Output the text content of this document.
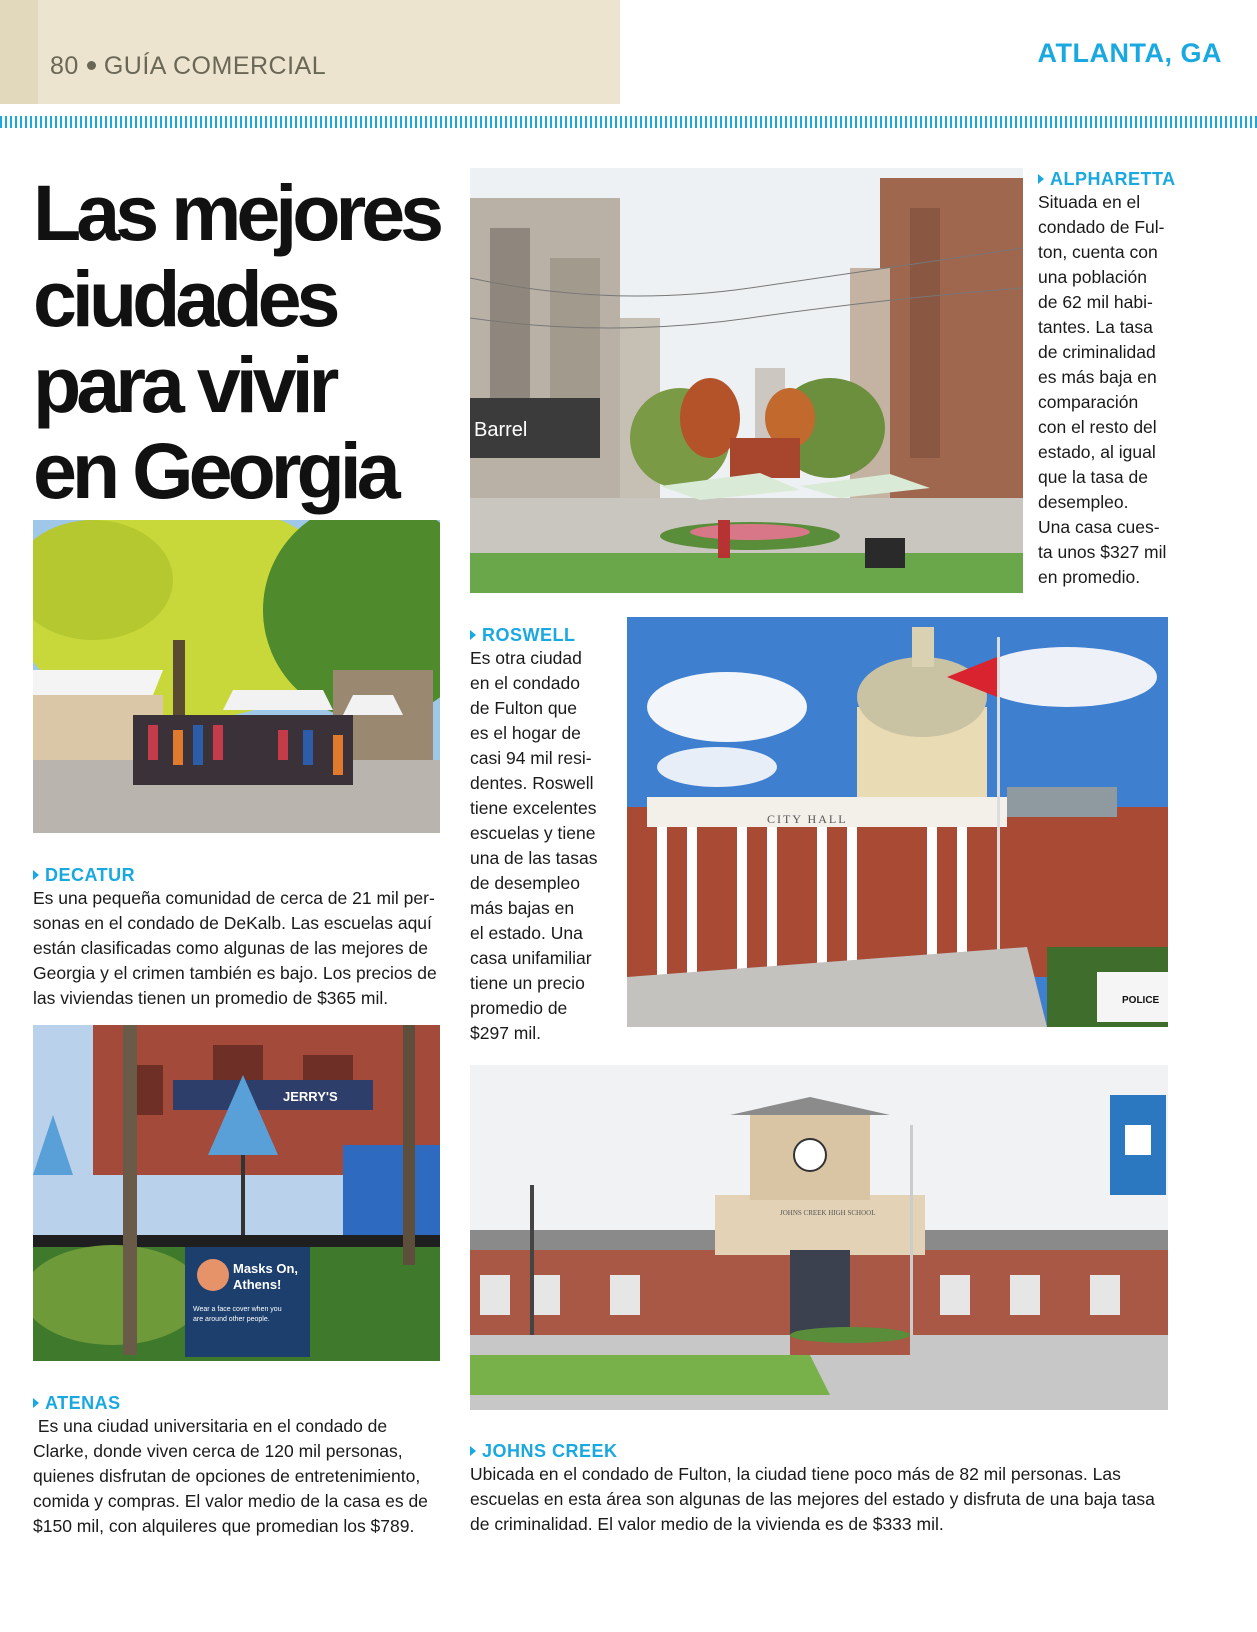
80 GUÍA COMERCIAL	ATLANTA, GA
Las mejores
ciudades
para vivir
en Georgia	Barrel
ALPHARETTA

Situada en el
condado de Ful-
ton, cuenta con
una población
de 62 mil habi-
tantes. La tasa
de criminalidad
es más baja en
comparación
con el resto del
estado, al igual
que la tasa de
desempleo.
Una casa cues-
ta unos $327 mil
en promedio.

DECATUR

Es una pequeña comunidad de cerca de 21 mil per-
sonas en el condado de DeKalb. Las escuelas aquí
están clasificadas como algunas de las mejores de
Georgia y el crimen también es bajo. Los precios de
las viviendas tienen un promedio de $365 mil.

ROSWELL

Es otra ciudad
en el condado
de Fulton que
es el hogar de
casi 94 mil resi-
dentes. Roswell
tiene excelentes
escuelas y tiene
una de las tasas
de desempleo
más bajas en
el estado. Una
casa unifamiliar
tiene un precio
promedio de
$297 mil.

CITY HALL
POLICE
JERRY'S
Masks On,
Athens!
Wear a face cover when you
are around other people.
ATENAS

Es una ciudad universitaria en el condado de
Clarke, donde viven cerca de 120 mil personas,
quienes disfrutan de opciones de entretenimiento,
comida y compras. El valor medio de la casa es de
$150 mil, con alquileres que promedian los $789.

JOHNS CREEK HIGH SCHOOL
JOHNS CREEK

Ubicada en el condado de Fulton, la ciudad tiene poco más de 82 mil personas. Las
escuelas en esta área son algunas de las mejores del estado y disfruta de una baja tasa
de criminalidad. El valor medio de la vivienda es de $333 mil.
